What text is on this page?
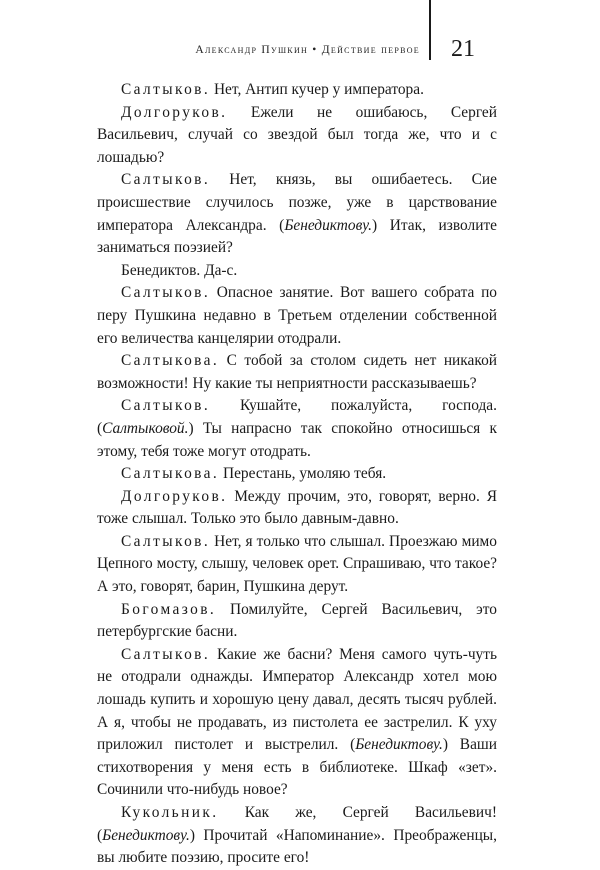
Александр Пушкин • Действие первое 21

Салтыков. Нет, Антип кучер у императора.

Долгоруков. Ежели не ошибаюсь, Сергей Васильевич, случай со звездой был тогда же, что и с лошадью?

Салтыков. Нет, князь, вы ошибаетесь. Сие происшествие случилось позже, уже в царствование императора Александра. (Бенедиктову.) Итак, изволите заниматься поэзией?

Бенедиктов. Да-с.

Салтыков. Опасное занятие. Вот вашего собрата по перу Пушкина недавно в Третьем отделении собственной его величества канцелярии отодрали.

Салтыкова. С тобой за столом сидеть нет никакой возможности! Ну какие ты неприятности рассказываешь?

Салтыков. Кушайте, пожалуйста, господа. (Салтыковой.) Ты напрасно так спокойно относишься к этому, тебя тоже могут отодрать.

Салтыкова. Перестань, умоляю тебя.

Долгоруков. Между прочим, это, говорят, верно. Я тоже слышал. Только это было давным-давно.

Салтыков. Нет, я только что слышал. Проезжаю мимо Цепного мосту, слышу, человек орет. Спрашиваю, что такое? А это, говорят, барин, Пушкина дерут.

Богомазов. Помилуйте, Сергей Васильевич, это петербургские басни.

Салтыков. Какие же басни? Меня самого чуть-чуть не отодрали однажды. Император Александр хотел мою лошадь купить и хорошую цену давал, десять тысяч рублей. А я, чтобы не продавать, из пистолета ее застрелил. К уху приложил пистолет и выстрелил. (Бенедиктову.) Ваши стихотворения у меня есть в библиотеке. Шкаф «зет». Сочинили что-нибудь новое?

Кукольник. Как же, Сергей Васильевич! (Бенедиктову.) Прочитай «Напоминание». Преображенцы, вы любите поэзию, просите его!
